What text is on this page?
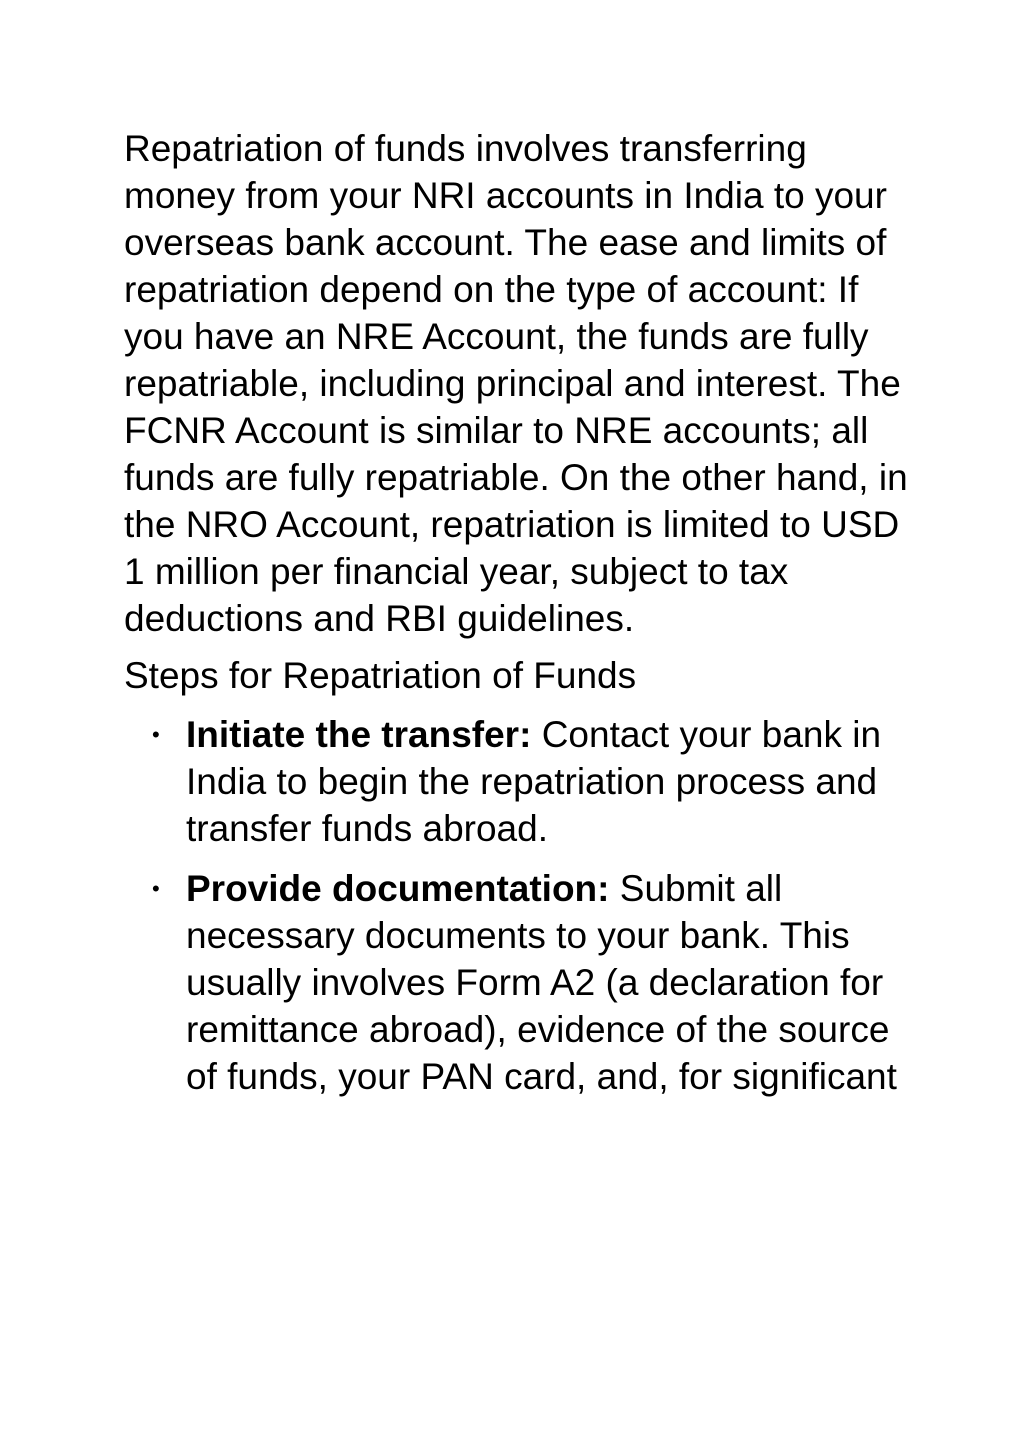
Repatriation of funds involves transferring money from your NRI accounts in India to your overseas bank account. The ease and limits of repatriation depend on the type of account: If you have an NRE Account, the funds are fully repatriable, including principal and interest. The FCNR Account is similar to NRE accounts; all funds are fully repatriable. On the other hand, in the NRO Account, repatriation is limited to USD 1 million per financial year, subject to tax deductions and RBI guidelines.

Steps for Repatriation of Funds

• Initiate the transfer: Contact your bank in India to begin the repatriation process and transfer funds abroad.
• Provide documentation: Submit all necessary documents to your bank. This usually involves Form A2 (a declaration for remittance abroad), evidence of the source of funds, your PAN card, and, for significant
